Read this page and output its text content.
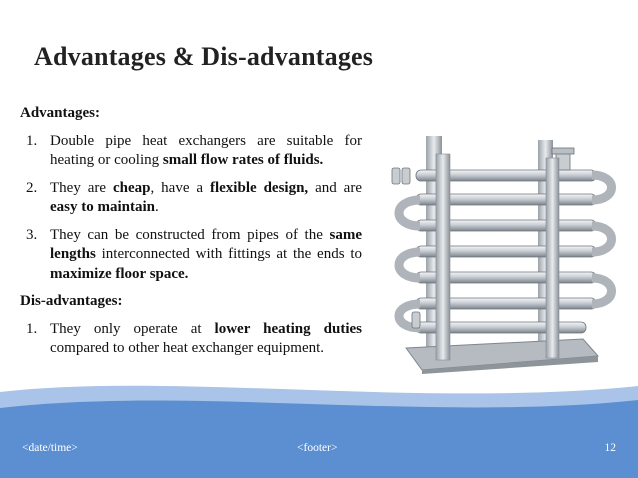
Advantages & Dis-advantages

Advantages:

1. Double pipe heat exchangers are suitable for heating or cooling small flow rates of fluids.
2. They are cheap, have a flexible design, and are easy to maintain.
3. They can be constructed from pipes of the same lengths interconnected with fittings at the ends to maximize floor space.

Dis-advantages:

1. They only operate at lower heating duties compared to other heat exchanger equipment.
<date/time>	<footer>	12
